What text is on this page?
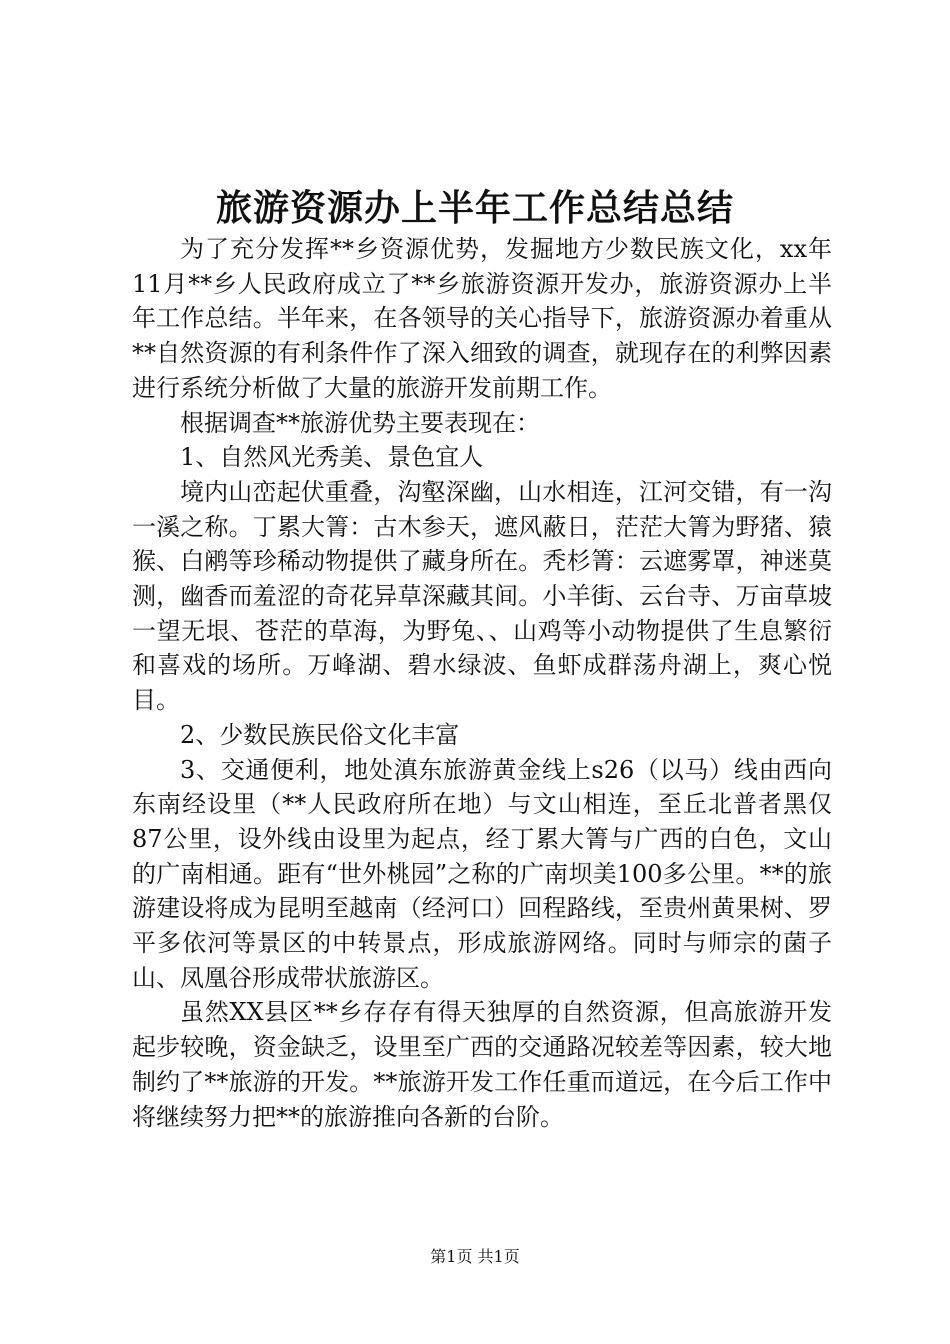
旅游资源办上半年工作总结总结

为了充分发挥**乡资源优势，发掘地方少数民族文化，xx年11月**乡人民政府成立了**乡旅游资源开发办，旅游资源办上半年工作总结。半年来，在各领导的关心指导下，旅游资源办着重从**自然资源的有利条件作了深入细致的调查，就现存在的利弊因素进行系统分析做了大量的旅游开发前期工作。

根据调查**旅游优势主要表现在：

1、自然风光秀美、景色宜人

境内山峦起伏重叠，沟壑深幽，山水相连，江河交错，有一沟一溪之称。丁累大箐：古木参天，遮风蔽日，茫茫大箐为野猪、猿猴、白鹇等珍稀动物提供了藏身所在。秃杉箐：云遮雾罩，神迷莫测，幽香而羞涩的奇花异草深藏其间。小羊街、云台寺、万亩草坡一望无垠、苍茫的草海，为野兔、、山鸡等小动物提供了生息繁衍和喜戏的场所。万峰湖、碧水绿波、鱼虾成群荡舟湖上，爽心悦目。

2、少数民族民俗文化丰富

3、交通便利，地处滇东旅游黄金线上s26（以马）线由西向东南经设里（**人民政府所在地）与文山相连，至丘北普者黑仅87公里，设外线由设里为起点，经丁累大箐与广西的白色，文山的广南相通。距有“世外桃园”之称的广南坝美100多公里。**的旅游建设将成为昆明至越南（经河口）回程路线，至贵州黄果树、罗平多依河等景区的中转景点，形成旅游网络。同时与师宗的菌子山、凤凰谷形成带状旅游区。

虽然XX县区**乡存存有得天独厚的自然资源，但高旅游开发起步较晚，资金缺乏，设里至广西的交通路况较差等因素，较大地制约了**旅游的开发。**旅游开发工作任重而道远，在今后工作中将继续努力把**的旅游推向各新的台阶。

第1页 共1页
